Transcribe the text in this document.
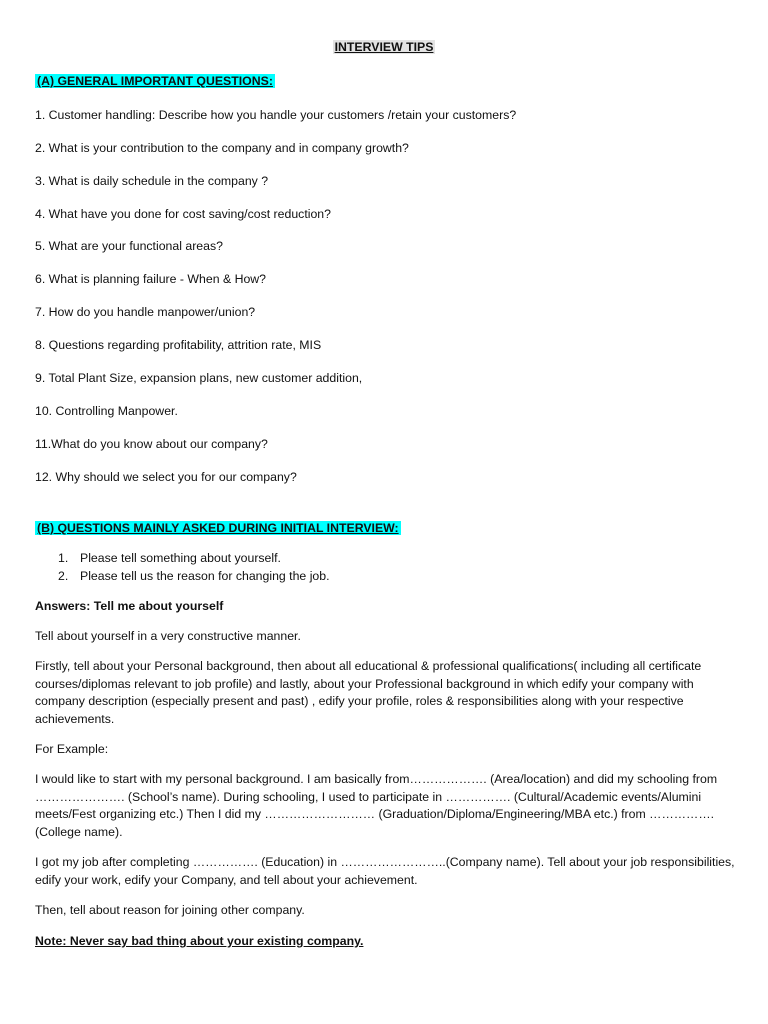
INTERVIEW TIPS
(A) GENERAL IMPORTANT QUESTIONS:
1. Customer handling: Describe how you handle your customers /retain your customers?
2. What is your contribution to the company and in company growth?
3. What is daily schedule in the company ?
4. What have you done for cost saving/cost reduction?
5. What are your functional areas?
6. What is planning failure - When & How?
7. How do you handle manpower/union?
8. Questions regarding profitability, attrition rate, MIS
9. Total Plant Size, expansion plans, new customer addition,
10. Controlling Manpower.
11.What do you know about our company?
12. Why should we select you for our company?
(B) QUESTIONS MAINLY ASKED DURING INITIAL INTERVIEW:
1. Please tell something about yourself.
2. Please tell us the reason for changing the job.
Answers: Tell me about yourself
Tell about yourself in a very constructive manner.
Firstly, tell about your Personal background, then about all educational & professional qualifications( including all certificate courses/diplomas relevant to job profile) and lastly, about your Professional background in which edify your company with company description (especially present and past) , edify your profile, roles & responsibilities along with your respective achievements.
For Example:
I would like to start with my personal background. I am basically from………………. (Area/location) and did my schooling from …………………. (School’s name). During schooling, I used to participate in ……………. (Cultural/Academic events/Alumini meets/Fest organizing etc.) Then I did my ……………………… (Graduation/Diploma/Engineering/MBA etc.) from ……………. (College name).
I got my job after completing ……………. (Education) in ……………………..(Company name). Tell about your job responsibilities, edify your work, edify your Company, and tell about your achievement.
Then, tell about reason for joining other company.
Note: Never say bad thing about your existing company.
